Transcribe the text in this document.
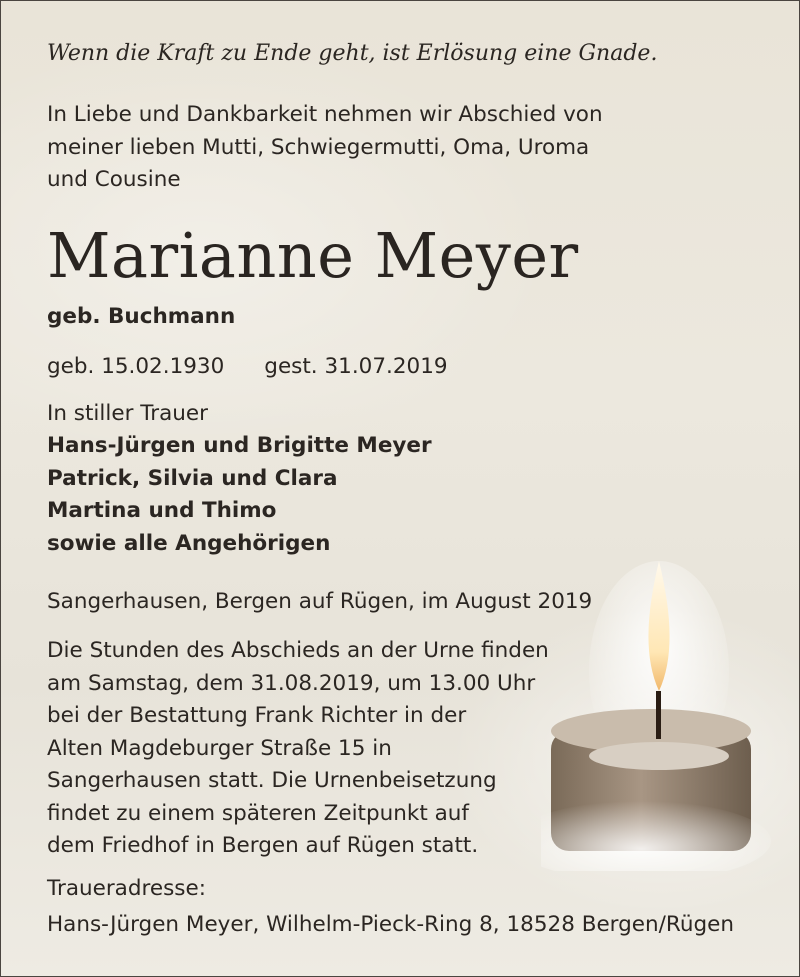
Wenn die Kraft zu Ende geht, ist Erlösung eine Gnade.

In Liebe und Dankbarkeit nehmen wir Abschied von
meiner lieben Mutti, Schwiegermutti, Oma, Uroma
und Cousine

Marianne Meyer

geb. Buchmann

geb. 15.02.1930 gest. 31.07.2019

In stiller Trauer

Hans-Jürgen und Brigitte Meyer
Patrick, Silvia und Clara
Martina und Thimo
sowie alle Angehörigen

Sangerhausen, Bergen auf Rügen, im August 2019

Die Stunden des Abschieds an der Urne finden
am Samstag, dem 31.08.2019, um 13.00 Uhr
bei der Bestattung Frank Richter in der
Alten Magdeburger Straße 15 in
Sangerhausen statt. Die Urnenbeisetzung
findet zu einem späteren Zeitpunkt auf
dem Friedhof in Bergen auf Rügen statt.

Traueradresse:

Hans-Jürgen Meyer, Wilhelm-Pieck-Ring 8, 18528 Bergen/Rügen
